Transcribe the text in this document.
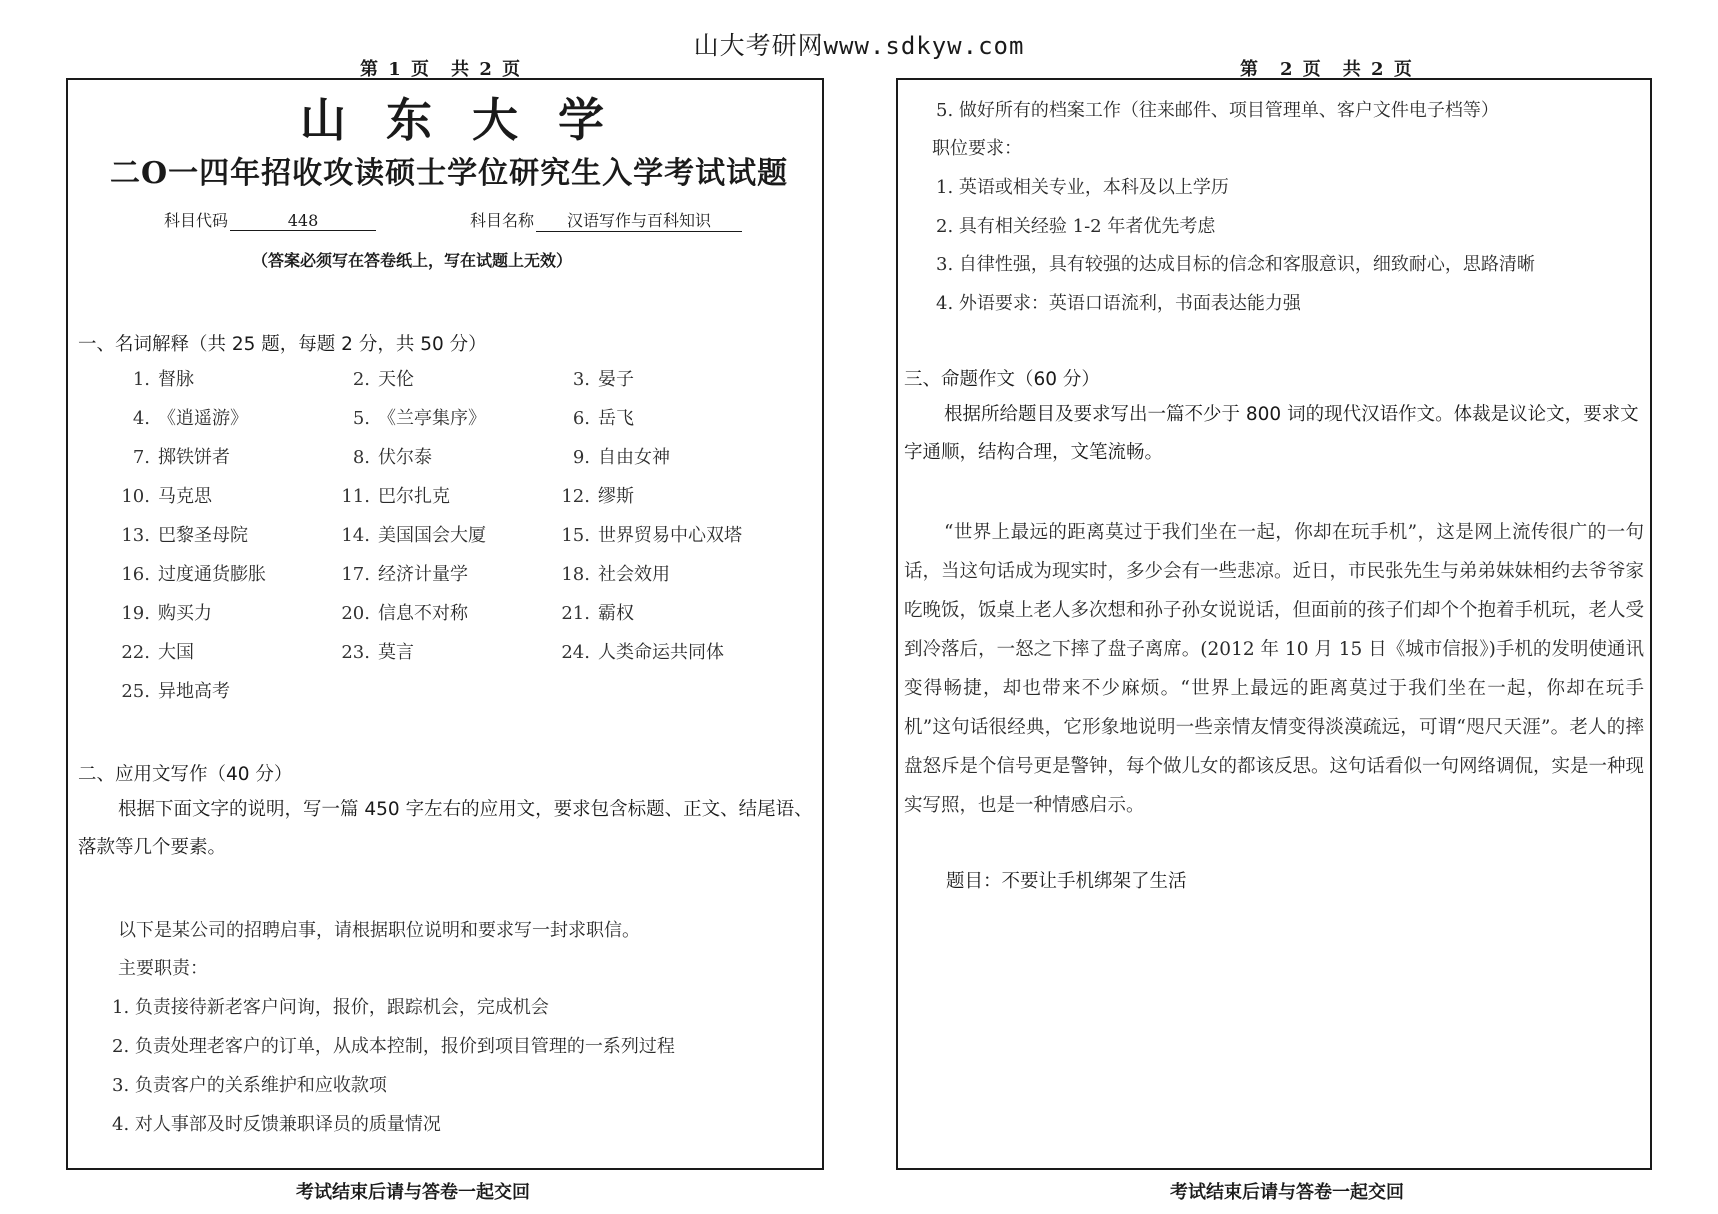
山大考研网www.sdkyw.com
第 1 页　共 2 页	第　2 页　共 2 页
山东大学
二O一四年招收攻读硕士学位研究生入学考试试题
科目代码	448	科目名称 汉语写作与百科知识
（答案必须写在答卷纸上，写在试题上无效）
一、名词解释（共 25 题，每题 2 分，共 50 分）
1. 督脉	2. 天伦	3. 晏子
4. 《逍遥游》	5. 《兰亭集序》	6. 岳飞
7. 掷铁饼者	8. 伏尔泰	9. 自由女神
10. 马克思	11. 巴尔扎克	12. 缪斯
13. 巴黎圣母院	14. 美国国会大厦	15. 世界贸易中心双塔
16. 过度通货膨胀	17. 经济计量学	18. 社会效用
19. 购买力	20. 信息不对称	21. 霸权
22. 大国	23. 莫言	24. 人类命运共同体
25. 异地高考
二、应用文写作（40 分）
根据下面文字的说明，写一篇 450 字左右的应用文，要求包含标题、正文、结尾语、落款等几个要素。
以下是某公司的招聘启事，请根据职位说明和要求写一封求职信。
主要职责：
1. 负责接待新老客户问询，报价，跟踪机会，完成机会
2. 负责处理老客户的订单，从成本控制，报价到项目管理的一系列过程
3. 负责客户的关系维护和应收款项
4. 对人事部及时反馈兼职译员的质量情况
考试结束后请与答卷一起交回
5. 做好所有的档案工作（往来邮件、项目管理单、客户文件电子档等）
职位要求：
1. 英语或相关专业，本科及以上学历
2. 具有相关经验 1-2 年者优先考虑
3. 自律性强，具有较强的达成目标的信念和客服意识，细致耐心，思路清晰
4. 外语要求：英语口语流利，书面表达能力强
三、命题作文（60 分）
根据所给题目及要求写出一篇不少于 800 词的现代汉语作文。体裁是议论文，要求文字通顺，结构合理，文笔流畅。
“世界上最远的距离莫过于我们坐在一起，你却在玩手机”，这是网上流传很广的一句话，当这句话成为现实时，多少会有一些悲凉。近日，市民张先生与弟弟妹妹相约去爷爷家吃晚饭，饭桌上老人多次想和孙子孙女说说话，但面前的孩子们却个个抱着手机玩，老人受到冷落后，一怒之下摔了盘子离席。(2012 年 10 月 15 日《城市信报》)手机的发明使通讯变得畅捷，却也带来不少麻烦。“世界上最远的距离莫过于我们坐在一起，你却在玩手机”这句话很经典，它形象地说明一些亲情友情变得淡漠疏远，可谓“咫尺天涯”。老人的摔盘怒斥是个信号更是警钟，每个做儿女的都该反思。这句话看似一句网络调侃，实是一种现实写照，也是一种情感启示。
题目：不要让手机绑架了生活
考试结束后请与答卷一起交回
